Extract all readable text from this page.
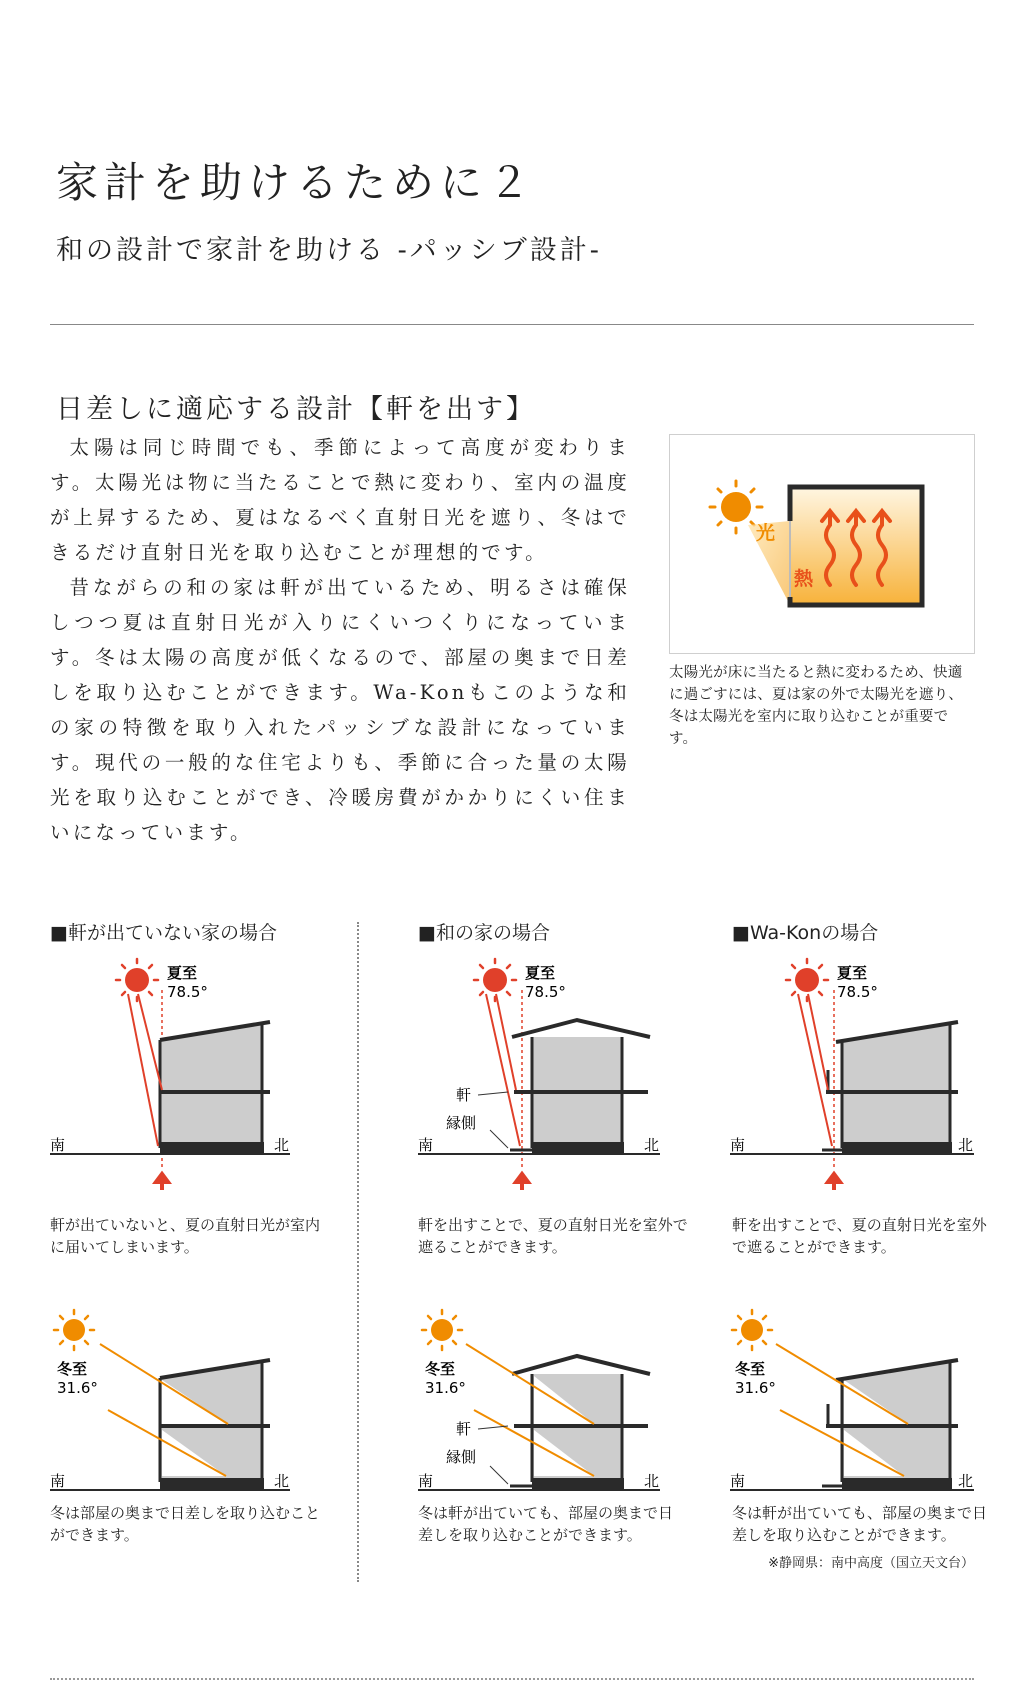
家計を助けるために２
和の設計で家計を助ける -パッシブ設計-
日差しに適応する設計【軒を出す】

太陽は同じ時間でも、季節によって高度が変わります。太陽光は物に当たることで熱に変わり、室内の温度が上昇するため、夏はなるべく直射日光を遮り、冬はできるだけ直射日光を取り込むことが理想的です。

昔ながらの和の家は軒が出ているため、明るさは確保しつつ夏は直射日光が入りにくいつくりになっています。冬は太陽の高度が低くなるので、部屋の奥まで日差しを取り込むことができます。Wa-Konもこのような和の家の特徴を取り入れたパッシブな設計になっています。現代の一般的な住宅よりも、季節に合った量の太陽光を取り込むことができ、冷暖房費がかかりにくい住まいになっています。

光
熱
太陽光が床に当たると熱に変わるため、快適に過ごすには、夏は家の外で太陽光を遮り、冬は太陽光を室内に取り込むことが重要です。
■軒が出ていない家の場合	■和の家の場合	■Wa-Konの場合
夏至
78.5°
南	北
夏至
78.5°
軒
縁側
南	北
夏至
78.5°
南	北
軒が出ていないと、夏の直射日光が室内に届いてしまいます。
軒を出すことで、夏の直射日光を室外で遮ることができます。
軒を出すことで、夏の直射日光を室外で遮ることができます。
冬至
31.6°
南	北
冬至
31.6°
軒
縁側
南	北
冬至
31.6°
南	北
冬は部屋の奥まで日差しを取り込むことができます。
冬は軒が出ていても、部屋の奥まで日差しを取り込むことができます。
冬は軒が出ていても、部屋の奥まで日差しを取り込むことができます。
※静岡県：南中高度（国立天文台）
